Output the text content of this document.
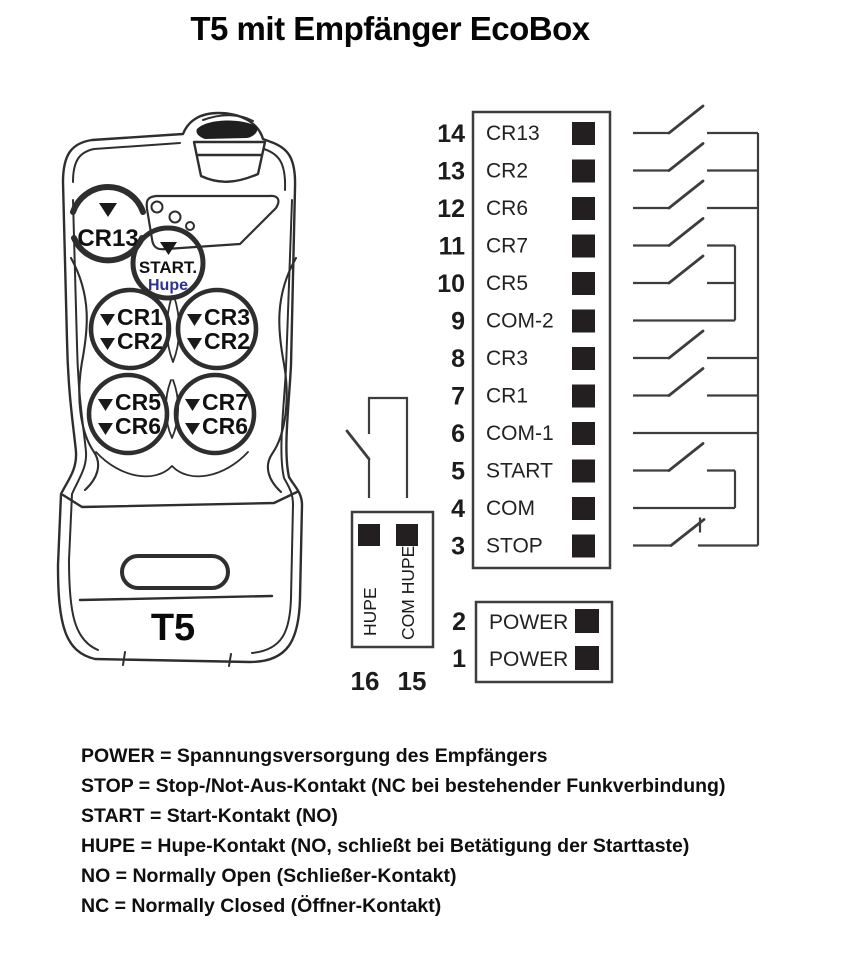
T5 mit Empfänger EcoBox
CR13
START.
Hupe
T5	HUPE COM HUPE
16 15
14 CR13
13 CR2
12 CR6
11 CR7
10 CR5
9 COM-2
8 CR3
7 CR1
6 COM-1
5 START
4 COM
3 STOP
2 POWER
1 POWER
CR1
CR2
CR3
CR2
CR5
CR6
CR7
CR6
POWER = Spannungsversorgung des Empfängers
STOP = Stop-/Not-Aus-Kontakt (NC bei bestehender Funkverbindung)
START = Start-Kontakt (NO)
HUPE = Hupe-Kontakt (NO, schließt bei Betätigung der Starttaste)
NO = Normally Open (Schließer-Kontakt)
NC = Normally Closed (Öffner-Kontakt)
